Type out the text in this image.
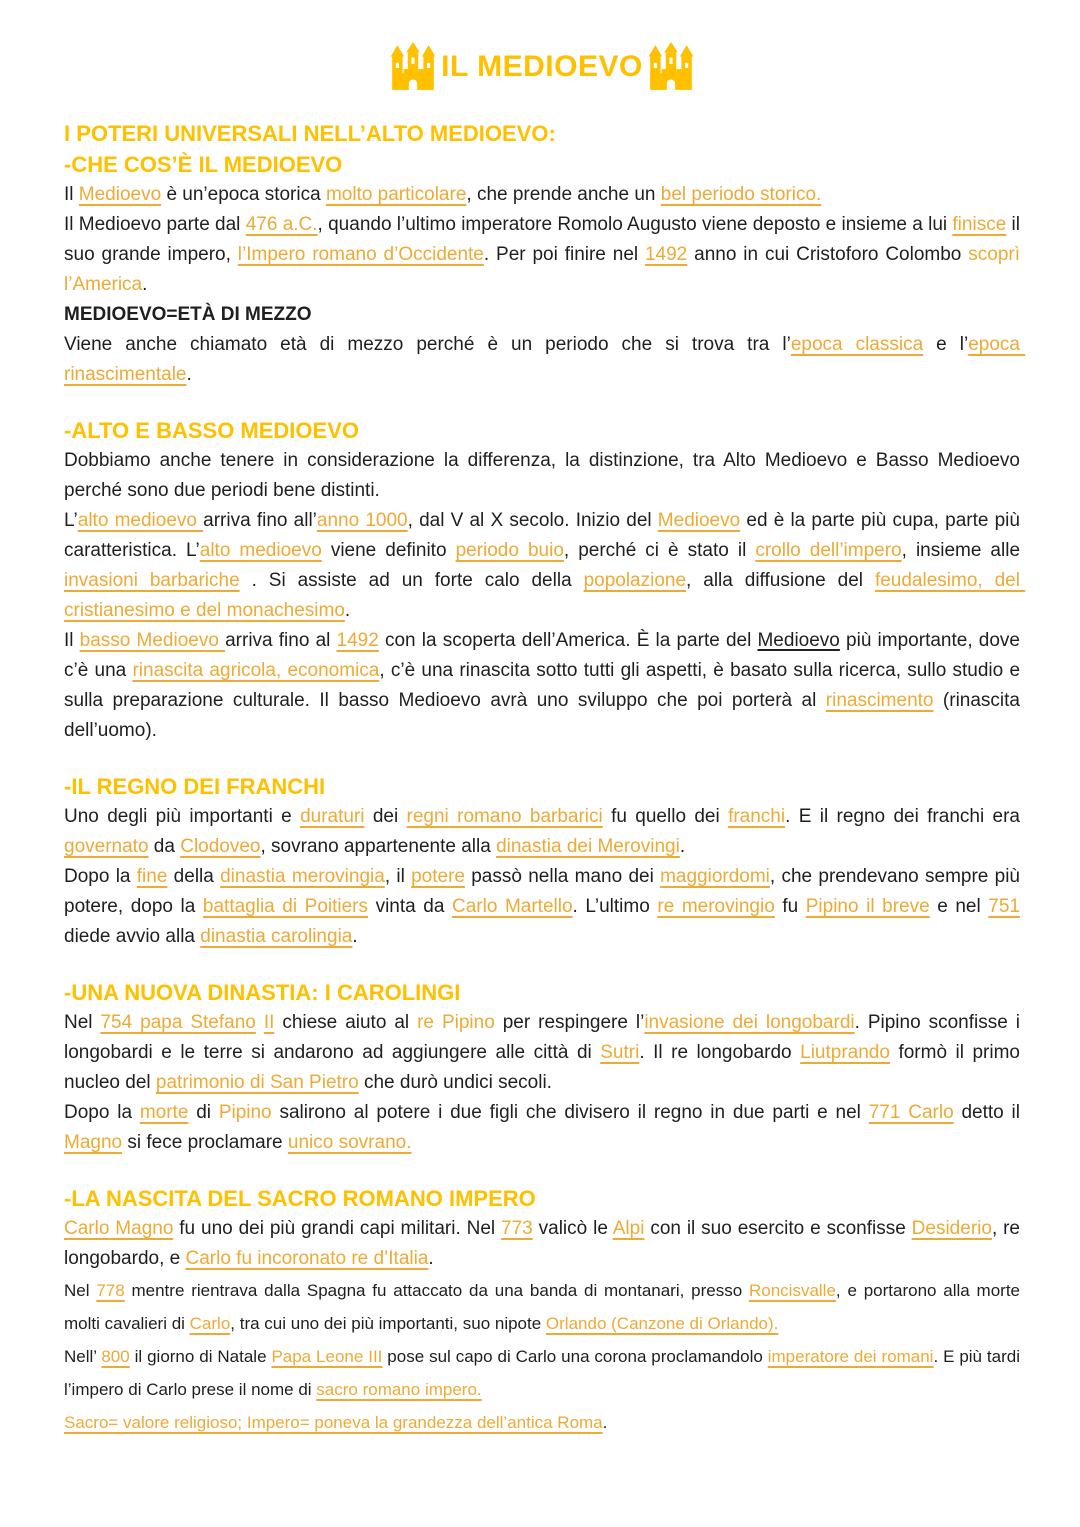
IL MEDIOEVO
I POTERI UNIVERSALI NELL’ALTO MEDIOEVO:
-CHE COS’È IL MEDIOEVO

Il Medioevo è un’epoca storica molto particolare, che prende anche un bel periodo storico.

Il Medioevo parte dal 476 a.C., quando l’ultimo imperatore Romolo Augusto viene deposto e insieme a lui finisce il suo grande impero, l’Impero romano d’Occidente. Per poi finire nel 1492 anno in cui Cristoforo Colombo scoprì l’America.

MEDIOEVO=ETÀ DI MEZZO

Viene anche chiamato età di mezzo perché è un periodo che si trova tra l’epoca classica e l’epoca rinascimentale.

-ALTO E BASSO MEDIOEVO

Dobbiamo anche tenere in considerazione la differenza, la distinzione, tra Alto Medioevo e Basso Medioevo perché sono due periodi bene distinti.

L’alto medioevo arriva fino all’anno 1000, dal V al X secolo. Inizio del Medioevo ed è la parte più cupa, parte più caratteristica. L’alto medioevo viene definito periodo buio, perché ci è stato il crollo dell’impero, insieme alle invasioni barbariche . Si assiste ad un forte calo della popolazione, alla diffusione del feudalesimo, del cristianesimo e del monachesimo.

Il basso Medioevo arriva fino al 1492 con la scoperta dell’America. È la parte del Medioevo più importante, dove c’è una rinascita agricola, economica, c’è una rinascita sotto tutti gli aspetti, è basato sulla ricerca, sullo studio e sulla preparazione culturale. Il basso Medioevo avrà uno sviluppo che poi porterà al rinascimento (rinascita dell’uomo).

-IL REGNO DEI FRANCHI

Uno degli più importanti e duraturi dei regni romano barbarici fu quello dei franchi. E il regno dei franchi era governato da Clodoveo, sovrano appartenente alla dinastia dei Merovingi.

Dopo la fine della dinastia merovingia, il potere passò nella mano dei maggiordomi, che prendevano sempre più potere, dopo la battaglia di Poitiers vinta da Carlo Martello. L’ultimo re merovingio fu Pipino il breve e nel 751 diede avvio alla dinastia carolingia.

-UNA NUOVA DINASTIA: I CAROLINGI

Nel 754 papa Stefano II chiese aiuto al re Pipino per respingere l’invasione dei longobardi. Pipino sconfisse i longobardi e le terre si andarono ad aggiungere alle città di Sutri. Il re longobardo Liutprando formò il primo nucleo del patrimonio di San Pietro che durò undici secoli.

Dopo la morte di Pipino salirono al potere i due figli che divisero il regno in due parti e nel 771 Carlo detto il Magno si fece proclamare unico sovrano.

-LA NASCITA DEL SACRO ROMANO IMPERO

Carlo Magno fu uno dei più grandi capi militari. Nel 773 valicò le Alpi con il suo esercito e sconfisse Desiderio, re longobardo, e Carlo fu incoronato re d’Italia.

Nel 778 mentre rientrava dalla Spagna fu attaccato da una banda di montanari, presso Roncisvalle, e portarono alla morte molti cavalieri di Carlo, tra cui uno dei più importanti, suo nipote Orlando (Canzone di Orlando).

Nell’ 800 il giorno di Natale Papa Leone III pose sul capo di Carlo una corona proclamandolo imperatore dei romani. E più tardi l’impero di Carlo prese il nome di sacro romano impero.

Sacro= valore religioso; Impero= poneva la grandezza dell’antica Roma.
